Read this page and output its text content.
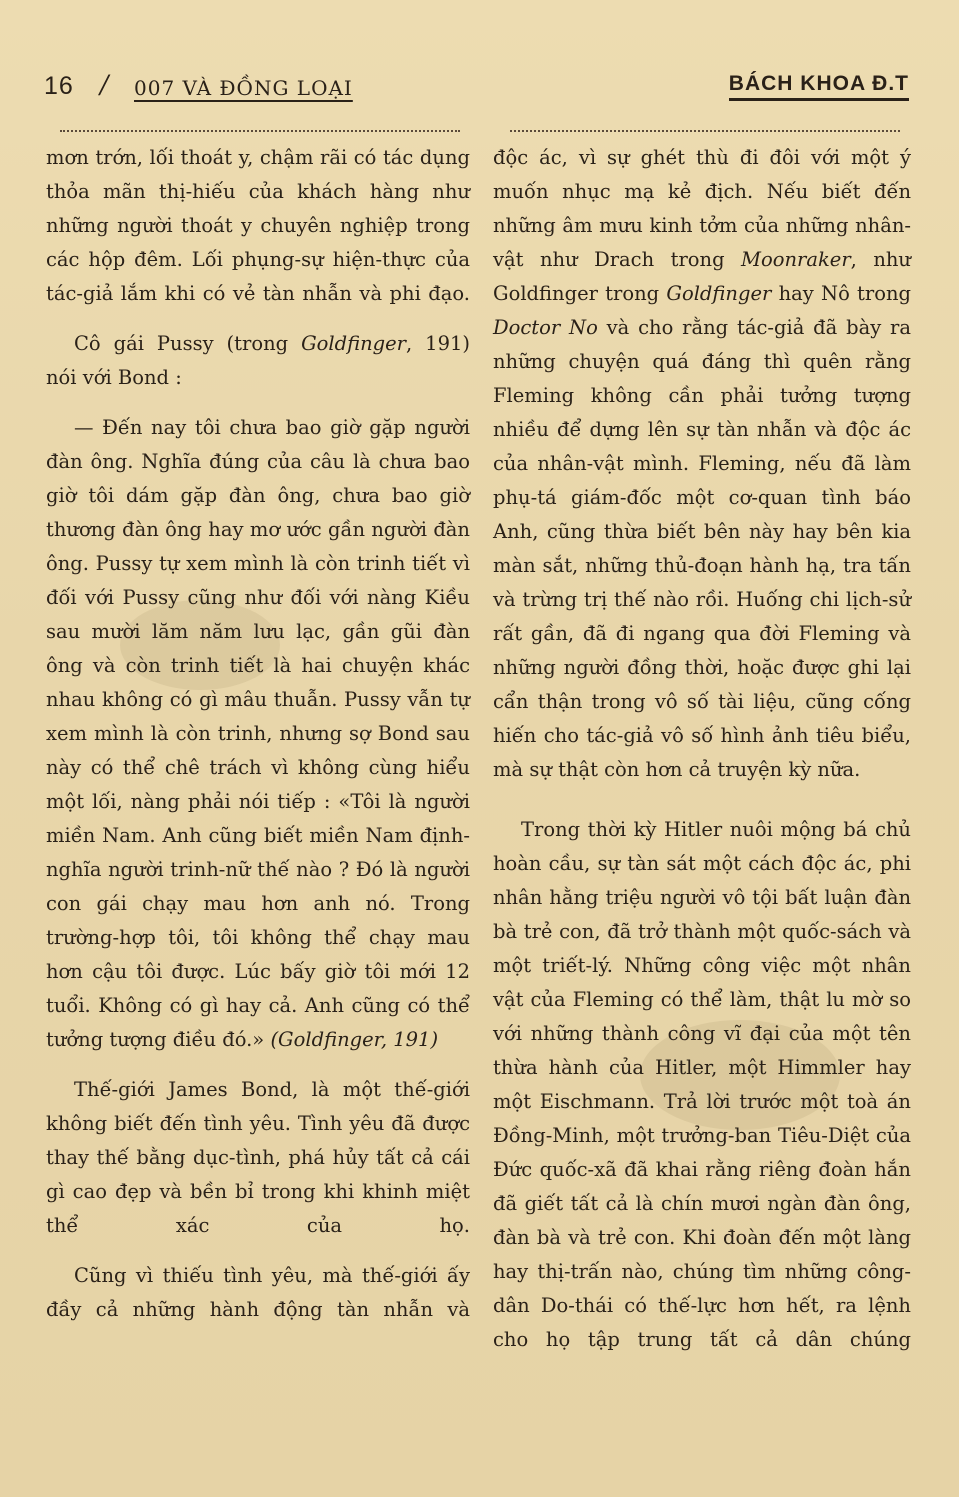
16 / 007 VÀ ĐỒNG LOẠI	BÁCH KHOA Đ.T

mơn trớn, lối thoát y, chậm rãi có tác dụng thỏa mãn thị-hiếu của khách hàng như những người thoát y chuyên nghiệp trong các hộp đêm. Lối phụng-sự hiện-thực của tác-giả lắm khi có vẻ tàn nhẫn và phi đạo.

Cô gái Pussy (trong Goldfinger, 191) nói với Bond :

— Đến nay tôi chưa bao giờ gặp người đàn ông. Nghĩa đúng của câu là chưa bao giờ tôi dám gặp đàn ông, chưa bao giờ thương đàn ông hay mơ ước gần người đàn ông. Pussy tự xem mình là còn trinh tiết vì đối với Pussy cũng như đối với nàng Kiều sau mười lăm năm lưu lạc, gần gũi đàn ông và còn trinh tiết là hai chuyện khác nhau không có gì mâu thuẫn. Pussy vẫn tự xem mình là còn trinh, nhưng sợ Bond sau này có thể chê trách vì không cùng hiểu một lối, nàng phải nói tiếp : «Tôi là người miền Nam. Anh cũng biết miền Nam định-nghĩa người trinh-nữ thế nào ? Đó là người con gái chạy mau hơn anh nó. Trong trường-hợp tôi, tôi không thể chạy mau hơn cậu tôi được. Lúc bấy giờ tôi mới 12 tuổi. Không có gì hay cả. Anh cũng có thể tưởng tượng điều đó.» (Goldfinger, 191)

Thế-giới James Bond, là một thế-giới không biết đến tình yêu. Tình yêu đã được thay thế bằng dục-tình, phá hủy tất cả cái gì cao đẹp và bền bỉ trong khi khinh miệt thể xác của họ.

Cũng vì thiếu tình yêu, mà thế-giới ấy đầy cả những hành động tàn nhẫn và

độc ác, vì sự ghét thù đi đôi với một ý muốn nhục mạ kẻ địch. Nếu biết đến những âm mưu kinh tởm của những nhân-vật như Drach trong Moonraker, như Goldfinger trong Goldfinger hay Nô trong Doctor No và cho rằng tác-giả đã bày ra những chuyện quá đáng thì quên rằng Fleming không cần phải tưởng tượng nhiều để dựng lên sự tàn nhẫn và độc ác của nhân-vật mình. Fleming, nếu đã làm phụ-tá giám-đốc một cơ-quan tình báo Anh, cũng thừa biết bên này hay bên kia màn sắt, những thủ-đoạn hành hạ, tra tấn và trừng trị thế nào rồi. Huống chi lịch-sử rất gần, đã đi ngang qua đời Fleming và những người đồng thời, hoặc được ghi lại cẩn thận trong vô số tài liệu, cũng cống hiến cho tác-giả vô số hình ảnh tiêu biểu, mà sự thật còn hơn cả truyện kỳ nữa.

Trong thời kỳ Hitler nuôi mộng bá chủ hoàn cầu, sự tàn sát một cách độc ác, phi nhân hằng triệu người vô tội bất luận đàn bà trẻ con, đã trở thành một quốc-sách và một triết-lý. Những công việc một nhân vật của Fleming có thể làm, thật lu mờ so với những thành công vĩ đại của một tên thừa hành của Hitler, một Himmler hay một Eischmann. Trả lời trước một toà án Đồng-Minh, một trưởng-ban Tiêu-Diệt của Đức quốc-xã đã khai rằng riêng đoàn hắn đã giết tất cả là chín mươi ngàn đàn ông, đàn bà và trẻ con. Khi đoàn đến một làng hay thị-trấn nào, chúng tìm những công-dân Do-thái có thế-lực hơn hết, ra lệnh cho họ tập trung tất cả dân chúng
